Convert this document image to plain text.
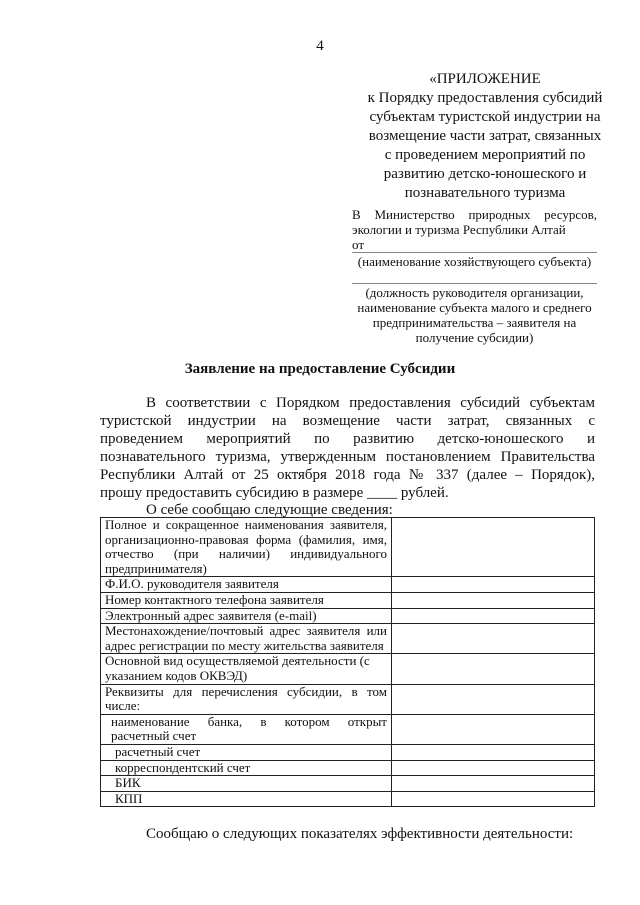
4
«ПРИЛОЖЕНИЕ
к Порядку предоставления субсидий
субъектам туристской индустрии на
возмещение части затрат, связанных
с проведением мероприятий по
развитию детско-юношеского и
познавательного туризма
В Министерство природных ресурсов,
экологии и туризма Республики Алтай
от
(наименование хозяйствующего субъекта)
(должность руководителя организации,
наименование субъекта малого и среднего
предпринимательства – заявителя на
получение субсидии)
Заявление на предоставление Субсидии
В соответствии с Порядком предоставления субсидий субъектам
туристской индустрии на возмещение части затрат, связанных с
проведением мероприятий по развитию детско-юношеского и
познавательного туризма, утвержденным постановлением Правительства
Республики Алтай от 25 октября 2018 года № 337 (далее – Порядок),
прошу предоставить субсидию в размере ____ рублей.
О себе сообщаю следующие сведения:
Полное и сокращенное наименования заявителя, организационно-правовая форма (фамилия, имя, отчество (при наличии) индивидуального предпринимателя)	
Ф.И.О. руководителя заявителя	
Номер контактного телефона заявителя	
Электронный адрес заявителя (e-mail)	
Местонахождение/почтовый адрес заявителя или адрес регистрации по месту жительства заявителя	
Основной вид осуществляемой деятельности (с указанием кодов ОКВЭД)	
Реквизиты для перечисления субсидии, в том числе:	
наименование банка, в котором открыт расчетный счет	
расчетный счет	
корреспондентский счет	
БИК	
КПП	
Сообщаю о следующих показателях эффективности деятельности:
